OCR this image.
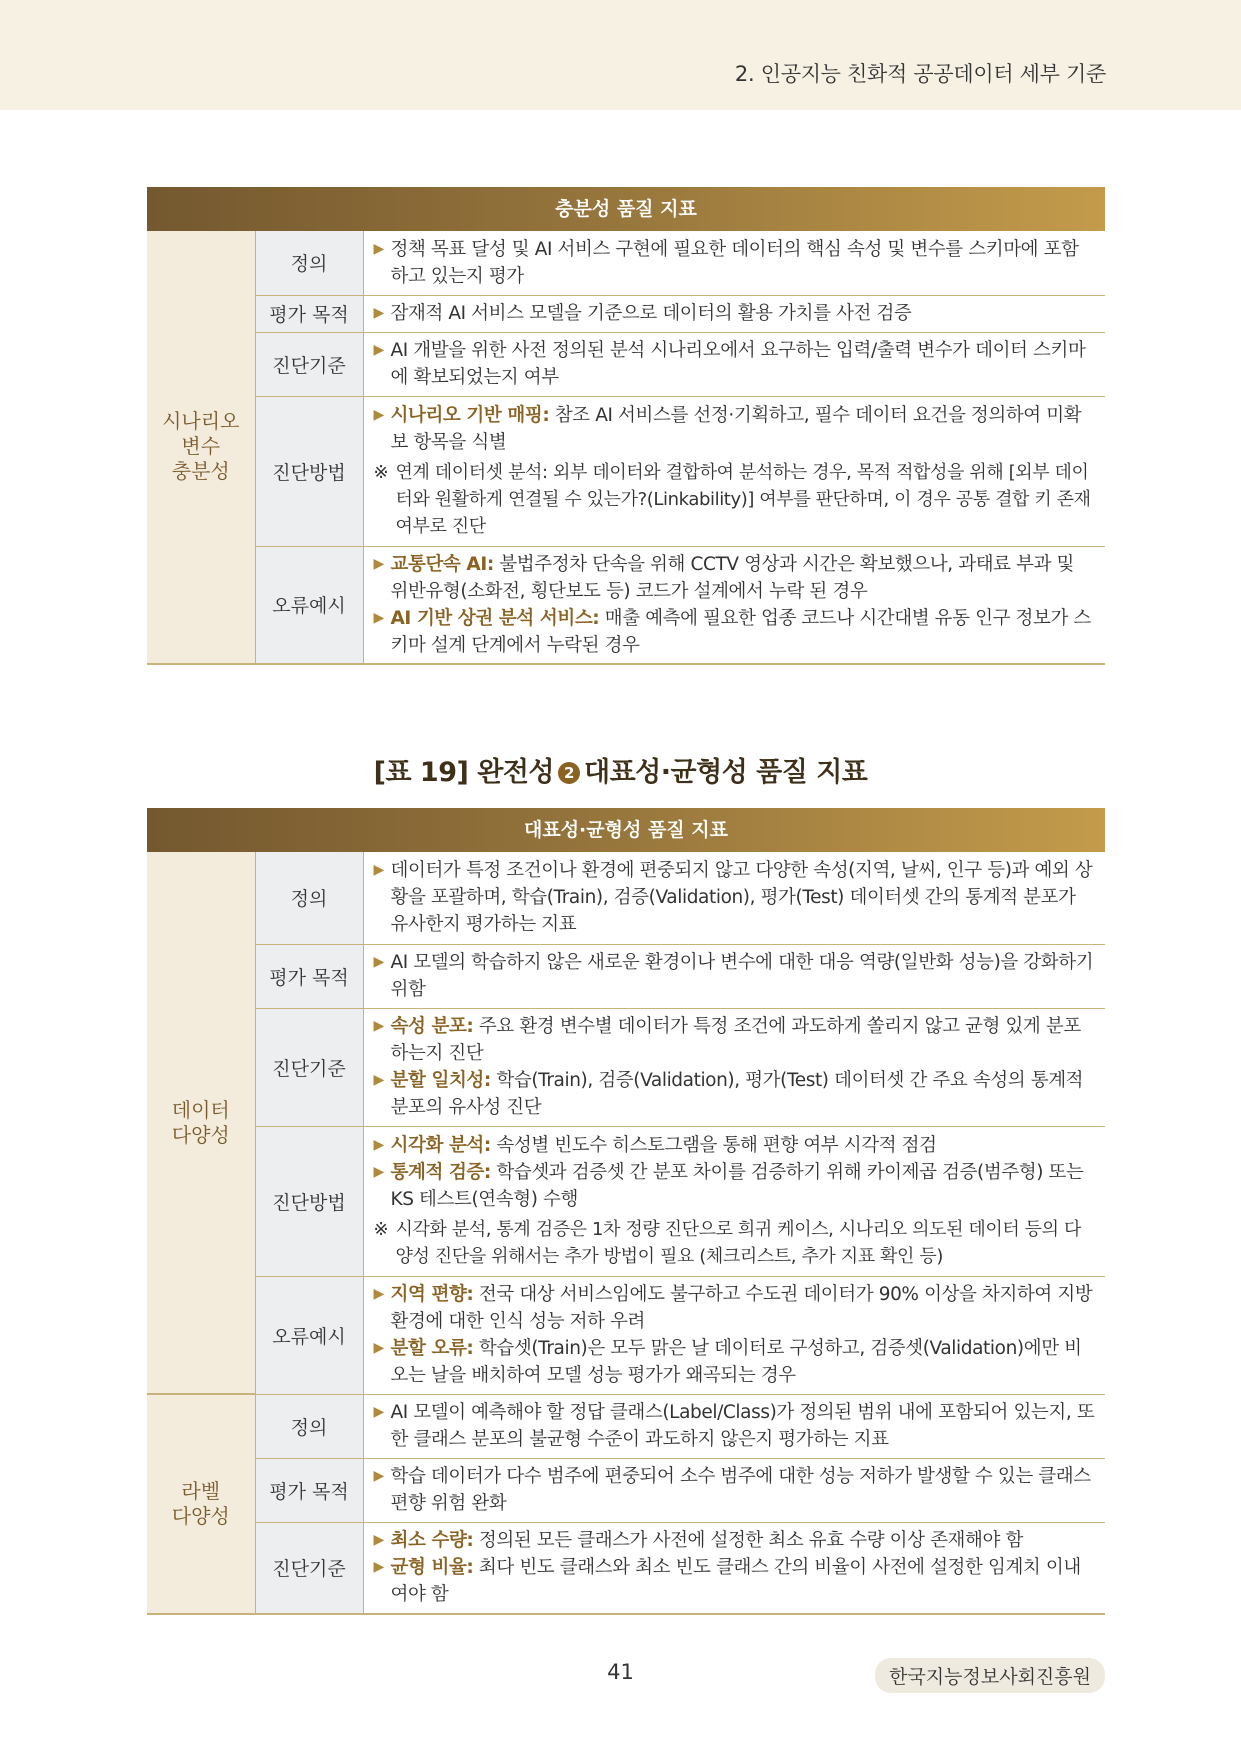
2. 인공지능 친화적 공공데이터 세부 기준
충분성 품질 지표
시나리오
변수
충분성	정의	▶ 정책 목표 달성 및 AI 서비스 구현에 필요한 데이터의 핵심 속성 및 변수를 스키마에 포함하고 있는지 평가

	평가 목적	▶ 잠재적 AI 서비스 모델을 기준으로 데이터의 활용 가치를 사전 검증

	진단기준	▶ AI 개발을 위한 사전 정의된 분석 시나리오에서 요구하는 입력/출력 변수가 데이터 스키마에 확보되었는지 여부

	진단방법	▶ 시나리오 기반 매핑: 참조 AI 서비스를 선정·기획하고, 필수 데이터 요건을 정의하여 미확보 항목을 식별
※ 연계 데이터셋 분석: 외부 데이터와 결합하여 분석하는 경우, 목적 적합성을 위해 [외부 데이터와 원활하게 연결될 수 있는가?(Linkability)] 여부를 판단하며, 이 경우 공통 결합 키 존재 여부로 진단

	오류예시	▶ 교통단속 AI: 불법주정차 단속을 위해 CCTV 영상과 시간은 확보했으나, 과태료 부과 및 위반유형(소화전, 횡단보도 등) 코드가 설계에서 누락 된 경우
▶ AI 기반 상권 분석 서비스: 매출 예측에 필요한 업종 코드나 시간대별 유동 인구 정보가 스키마 설계 단계에서 누락된 경우
[표 19] 완전성 2 대표성·균형성 품질 지표
대표성·균형성 품질 지표
데이터
다양성	정의	▶ 데이터가 특정 조건이나 환경에 편중되지 않고 다양한 속성(지역, 날씨, 인구 등)과 예외 상황을 포괄하며, 학습(Train), 검증(Validation), 평가(Test) 데이터셋 간의 통계적 분포가 유사한지 평가하는 지표

	평가 목적	▶ AI 모델의 학습하지 않은 새로운 환경이나 변수에 대한 대응 역량(일반화 성능)을 강화하기 위함

	진단기준	▶ 속성 분포: 주요 환경 변수별 데이터가 특정 조건에 과도하게 쏠리지 않고 균형 있게 분포하는지 진단
▶ 분할 일치성: 학습(Train), 검증(Validation), 평가(Test) 데이터셋 간 주요 속성의 통계적 분포의 유사성 진단

	진단방법	▶ 시각화 분석: 속성별 빈도수 히스토그램을 통해 편향 여부 시각적 점검
▶ 통계적 검증: 학습셋과 검증셋 간 분포 차이를 검증하기 위해 카이제곱 검증(범주형) 또는 KS 테스트(연속형) 수행
※ 시각화 분석, 통계 검증은 1차 정량 진단으로 희귀 케이스, 시나리오 의도된 데이터 등의 다양성 진단을 위해서는 추가 방법이 필요 (체크리스트, 추가 지표 확인 등)

	오류예시	▶ 지역 편향: 전국 대상 서비스임에도 불구하고 수도권 데이터가 90% 이상을 차지하여 지방 환경에 대한 인식 성능 저하 우려
▶ 분할 오류: 학습셋(Train)은 모두 맑은 날 데이터로 구성하고, 검증셋(Validation)에만 비 오는 날을 배치하여 모델 성능 평가가 왜곡되는 경우

라벨
다양성	정의	▶ AI 모델이 예측해야 할 정답 클래스(Label/Class)가 정의된 범위 내에 포함되어 있는지, 또한 클래스 분포의 불균형 수준이 과도하지 않은지 평가하는 지표

	평가 목적	▶ 학습 데이터가 다수 범주에 편중되어 소수 범주에 대한 성능 저하가 발생할 수 있는 클래스 편향 위험 완화

	진단기준	▶ 최소 수량: 정의된 모든 클래스가 사전에 설정한 최소 유효 수량 이상 존재해야 함
▶ 균형 비율: 최다 빈도 클래스와 최소 빈도 클래스 간의 비율이 사전에 설정한 임계치 이내여야 함
41	한국지능정보사회진흥원
